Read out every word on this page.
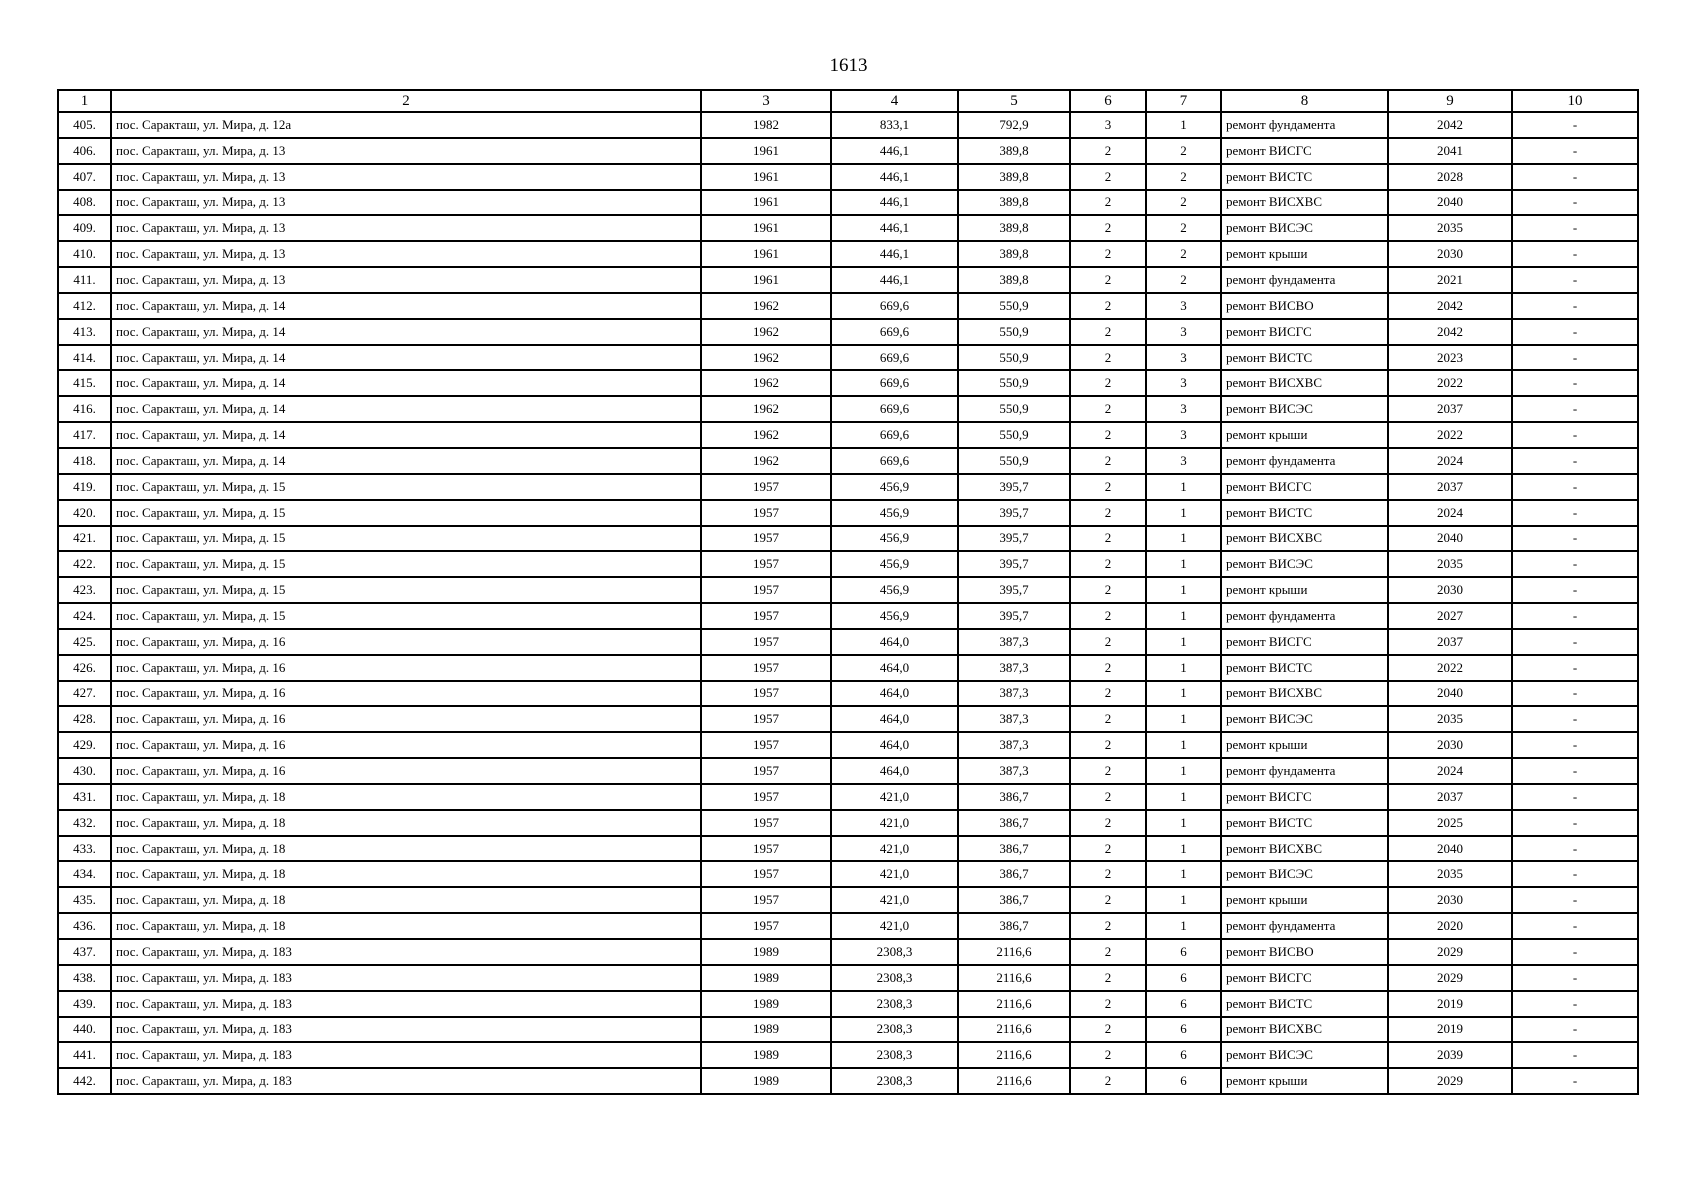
1613
1	2	3	4	5	6	7	8	9	10
405.	пос. Саракташ, ул. Мира, д. 12а	1982	833,1	792,9	3	1	ремонт фундамента	2042	-
406.	пос. Саракташ, ул. Мира, д. 13	1961	446,1	389,8	2	2	ремонт ВИСГС	2041	-
407.	пос. Саракташ, ул. Мира, д. 13	1961	446,1	389,8	2	2	ремонт ВИСТС	2028	-
408.	пос. Саракташ, ул. Мира, д. 13	1961	446,1	389,8	2	2	ремонт ВИСХВС	2040	-
409.	пос. Саракташ, ул. Мира, д. 13	1961	446,1	389,8	2	2	ремонт ВИСЭС	2035	-
410.	пос. Саракташ, ул. Мира, д. 13	1961	446,1	389,8	2	2	ремонт крыши	2030	-
411.	пос. Саракташ, ул. Мира, д. 13	1961	446,1	389,8	2	2	ремонт фундамента	2021	-
412.	пос. Саракташ, ул. Мира, д. 14	1962	669,6	550,9	2	3	ремонт ВИСВО	2042	-
413.	пос. Саракташ, ул. Мира, д. 14	1962	669,6	550,9	2	3	ремонт ВИСГС	2042	-
414.	пос. Саракташ, ул. Мира, д. 14	1962	669,6	550,9	2	3	ремонт ВИСТС	2023	-
415.	пос. Саракташ, ул. Мира, д. 14	1962	669,6	550,9	2	3	ремонт ВИСХВС	2022	-
416.	пос. Саракташ, ул. Мира, д. 14	1962	669,6	550,9	2	3	ремонт ВИСЭС	2037	-
417.	пос. Саракташ, ул. Мира, д. 14	1962	669,6	550,9	2	3	ремонт крыши	2022	-
418.	пос. Саракташ, ул. Мира, д. 14	1962	669,6	550,9	2	3	ремонт фундамента	2024	-
419.	пос. Саракташ, ул. Мира, д. 15	1957	456,9	395,7	2	1	ремонт ВИСГС	2037	-
420.	пос. Саракташ, ул. Мира, д. 15	1957	456,9	395,7	2	1	ремонт ВИСТС	2024	-
421.	пос. Саракташ, ул. Мира, д. 15	1957	456,9	395,7	2	1	ремонт ВИСХВС	2040	-
422.	пос. Саракташ, ул. Мира, д. 15	1957	456,9	395,7	2	1	ремонт ВИСЭС	2035	-
423.	пос. Саракташ, ул. Мира, д. 15	1957	456,9	395,7	2	1	ремонт крыши	2030	-
424.	пос. Саракташ, ул. Мира, д. 15	1957	456,9	395,7	2	1	ремонт фундамента	2027	-
425.	пос. Саракташ, ул. Мира, д. 16	1957	464,0	387,3	2	1	ремонт ВИСГС	2037	-
426.	пос. Саракташ, ул. Мира, д. 16	1957	464,0	387,3	2	1	ремонт ВИСТС	2022	-
427.	пос. Саракташ, ул. Мира, д. 16	1957	464,0	387,3	2	1	ремонт ВИСХВС	2040	-
428.	пос. Саракташ, ул. Мира, д. 16	1957	464,0	387,3	2	1	ремонт ВИСЭС	2035	-
429.	пос. Саракташ, ул. Мира, д. 16	1957	464,0	387,3	2	1	ремонт крыши	2030	-
430.	пос. Саракташ, ул. Мира, д. 16	1957	464,0	387,3	2	1	ремонт фундамента	2024	-
431.	пос. Саракташ, ул. Мира, д. 18	1957	421,0	386,7	2	1	ремонт ВИСГС	2037	-
432.	пос. Саракташ, ул. Мира, д. 18	1957	421,0	386,7	2	1	ремонт ВИСТС	2025	-
433.	пос. Саракташ, ул. Мира, д. 18	1957	421,0	386,7	2	1	ремонт ВИСХВС	2040	-
434.	пос. Саракташ, ул. Мира, д. 18	1957	421,0	386,7	2	1	ремонт ВИСЭС	2035	-
435.	пос. Саракташ, ул. Мира, д. 18	1957	421,0	386,7	2	1	ремонт крыши	2030	-
436.	пос. Саракташ, ул. Мира, д. 18	1957	421,0	386,7	2	1	ремонт фундамента	2020	-
437.	пос. Саракташ, ул. Мира, д. 183	1989	2308,3	2116,6	2	6	ремонт ВИСВО	2029	-
438.	пос. Саракташ, ул. Мира, д. 183	1989	2308,3	2116,6	2	6	ремонт ВИСГС	2029	-
439.	пос. Саракташ, ул. Мира, д. 183	1989	2308,3	2116,6	2	6	ремонт ВИСТС	2019	-
440.	пос. Саракташ, ул. Мира, д. 183	1989	2308,3	2116,6	2	6	ремонт ВИСХВС	2019	-
441.	пос. Саракташ, ул. Мира, д. 183	1989	2308,3	2116,6	2	6	ремонт ВИСЭС	2039	-
442.	пос. Саракташ, ул. Мира, д. 183	1989	2308,3	2116,6	2	6	ремонт крыши	2029	-
